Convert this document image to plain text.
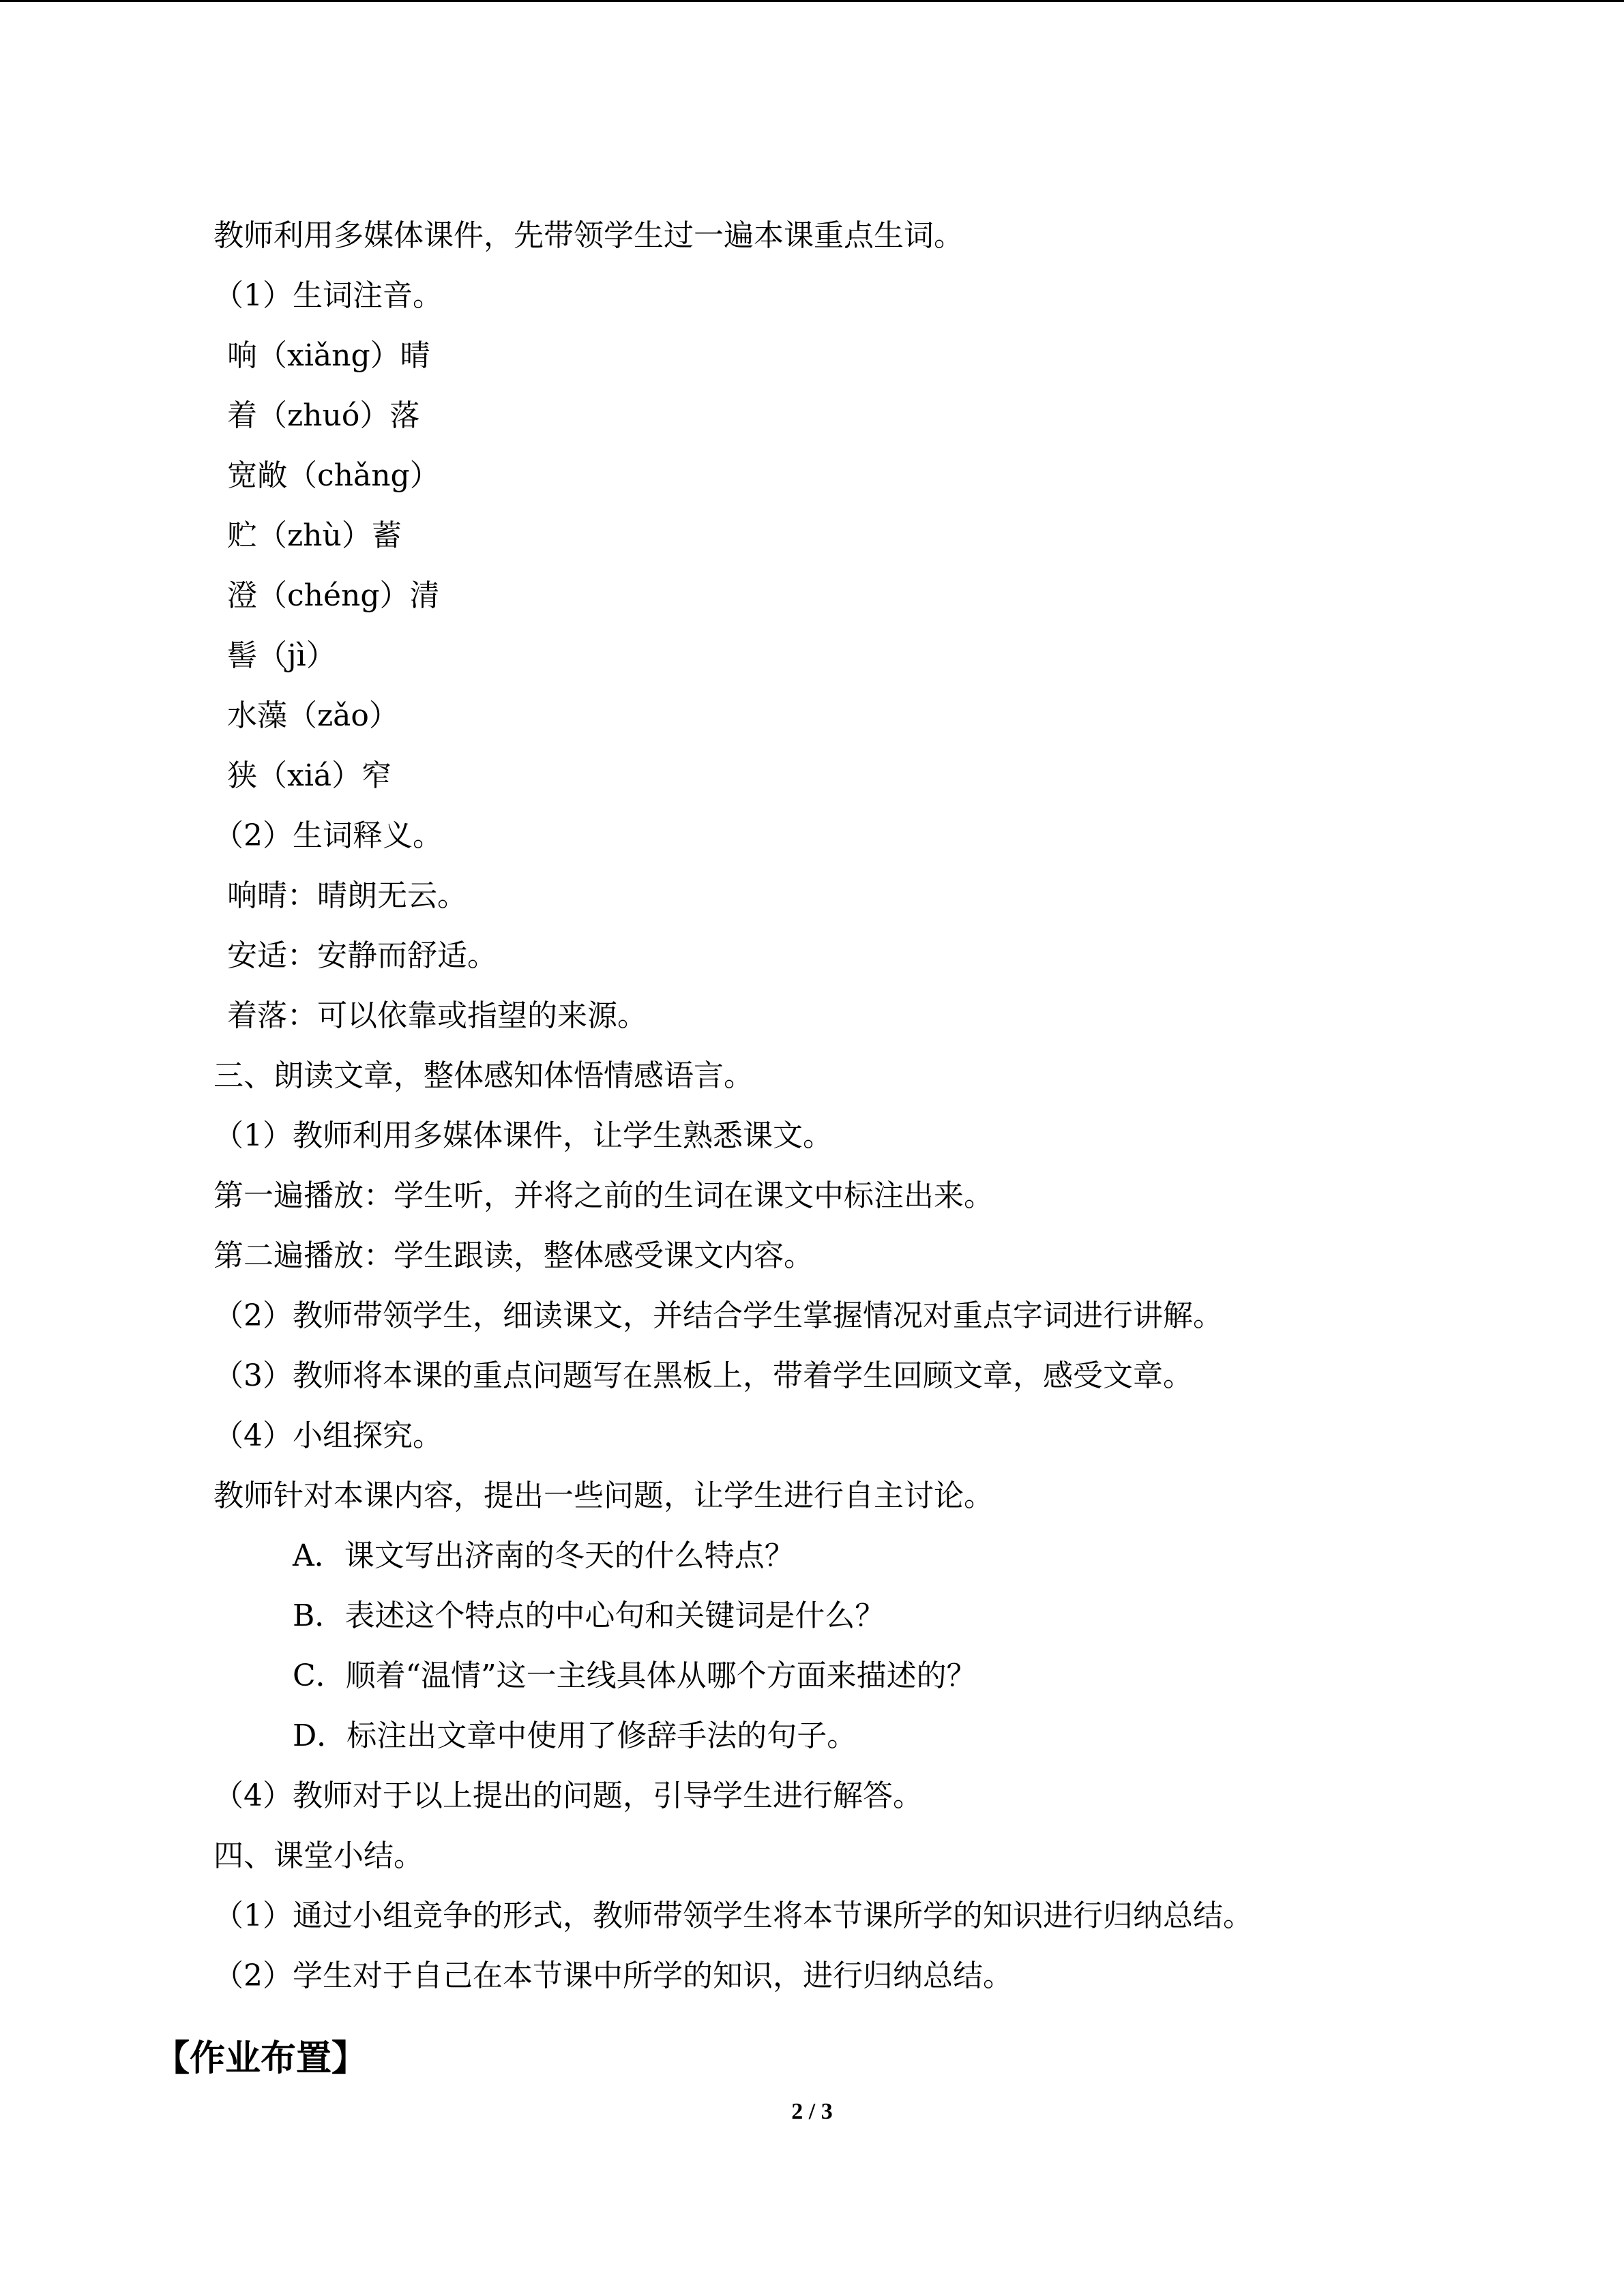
教师利用多媒体课件，先带领学生过一遍本课重点生词。
（1）生词注音。
响（xiǎng）晴
着（zhuó）落
宽敞（chǎng）
贮（zhù）蓄
澄（chéng）清
髻（jì）
水藻（zǎo）
狭（xiá）窄
（2）生词释义。
响晴：晴朗无云。
安适：安静而舒适。
着落：可以依靠或指望的来源。
三、朗读文章，整体感知体悟情感语言。
（1）教师利用多媒体课件，让学生熟悉课文。
第一遍播放：学生听，并将之前的生词在课文中标注出来。
第二遍播放：学生跟读，整体感受课文内容。
（2）教师带领学生，细读课文，并结合学生掌握情况对重点字词进行讲解。
（3）教师将本课的重点问题写在黑板上，带着学生回顾文章，感受文章。
（4）小组探究。
教师针对本课内容，提出一些问题，让学生进行自主讨论。
A．课文写出济南的冬天的什么特点？
B．表述这个特点的中心句和关键词是什么？
C．顺着“温情”这一主线具体从哪个方面来描述的？
D．标注出文章中使用了修辞手法的句子。
（4）教师对于以上提出的问题，引导学生进行解答。
四、课堂小结。
（1）通过小组竞争的形式，教师带领学生将本节课所学的知识进行归纳总结。
（2）学生对于自己在本节课中所学的知识，进行归纳总结。
【作业布置】
2 / 3
